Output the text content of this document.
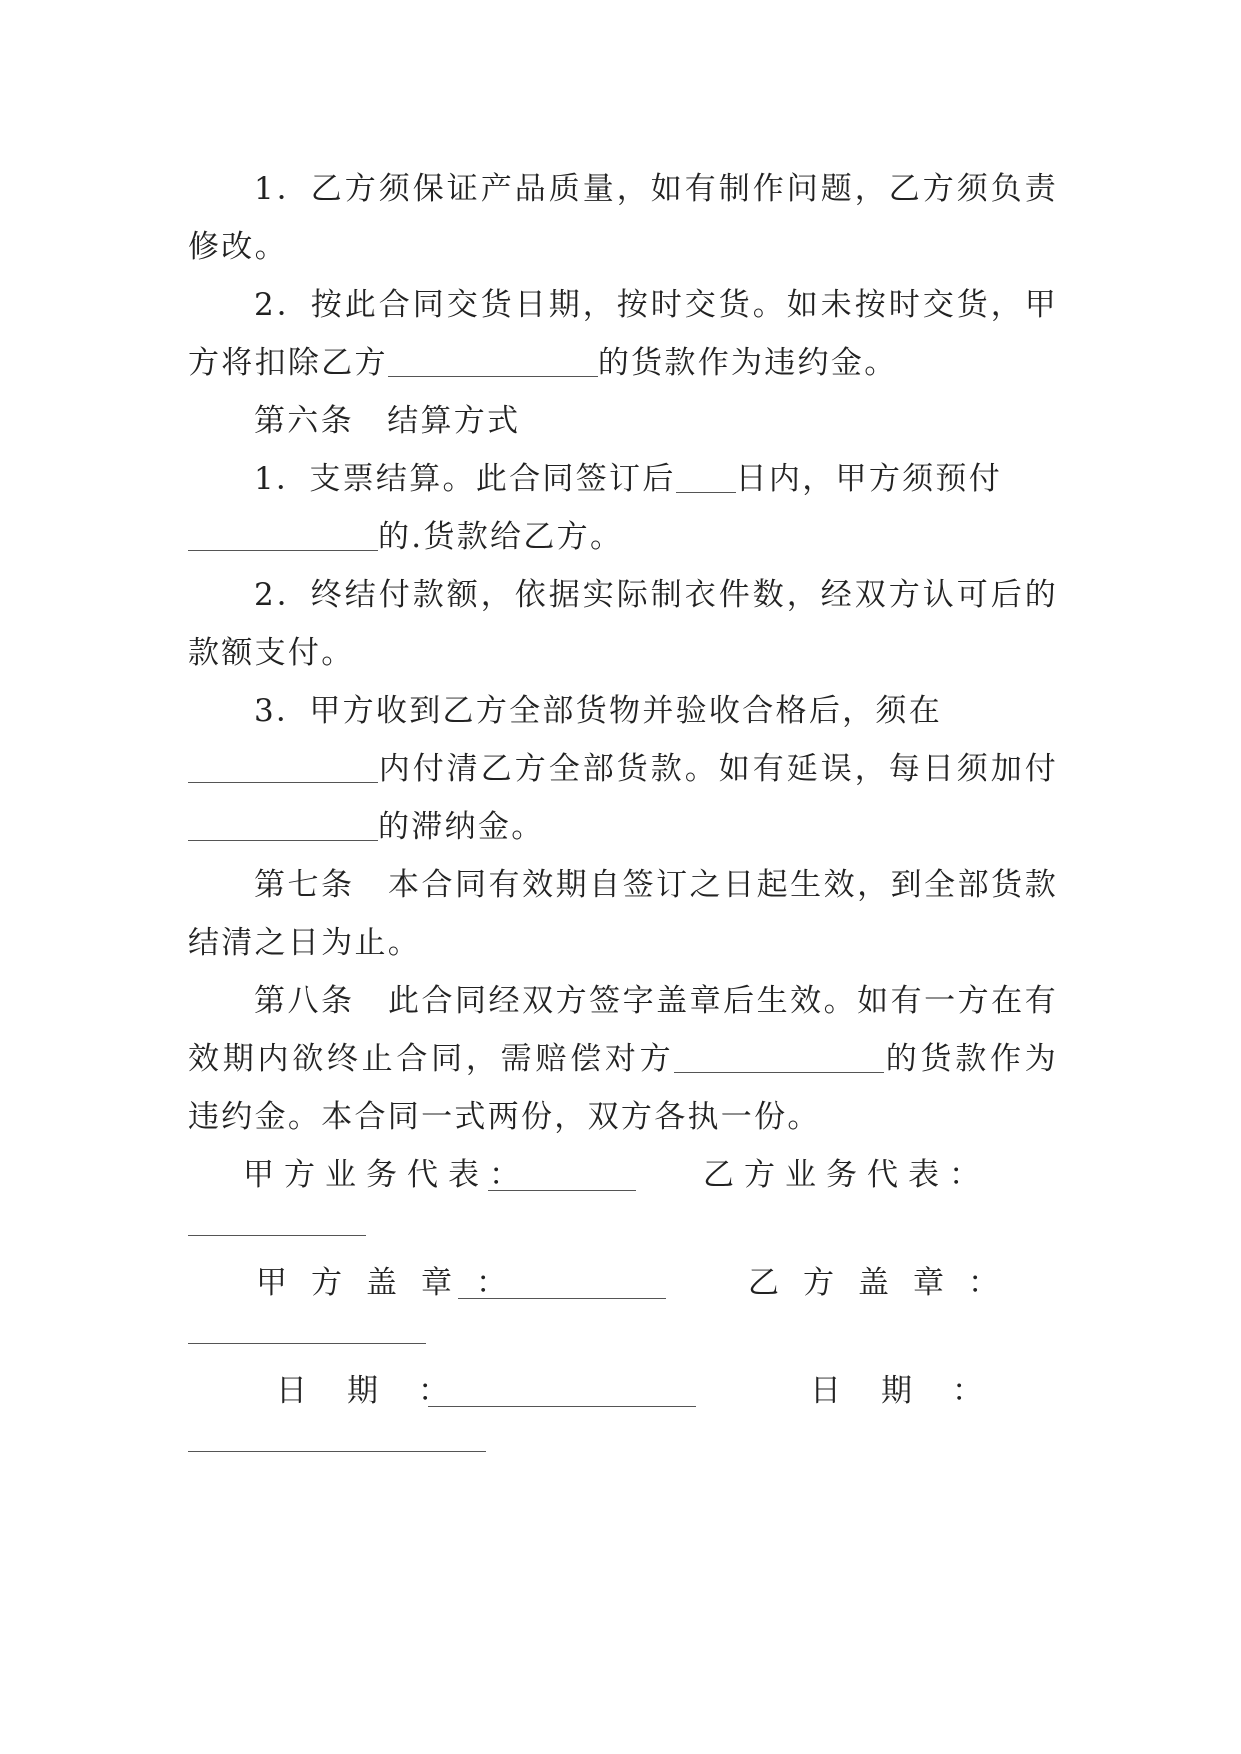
1．乙方须保证产品质量，如有制作问题，乙方须负责修改。

2．按此合同交货日期，按时交货。如未按时交货，甲方将扣除乙方	的货款作为违约金。

第六条　结算方式

1．支票结算。此合同签订后 日内，甲方须预付
的.货款给乙方。

2．终结付款额，依据实际制衣件数，经双方认可后的款额支付。

3．甲方收到乙方全部货物并验收合格后，须在
内付清乙方全部货款。如有延误，每日须加付的滞纳金。

第七条　本合同有效期自签订之日起生效，到全部货款结清之日为止。

第八条　此合同经双方签字盖章后生效。如有一方在有效期内欲终止合同，需赔偿对方	的货款作为违约金。本合同一式两份，双方各执一份。

甲方业务代表：	乙方业务代表：
甲方盖章：	乙方盖章：
日期：	日期：
